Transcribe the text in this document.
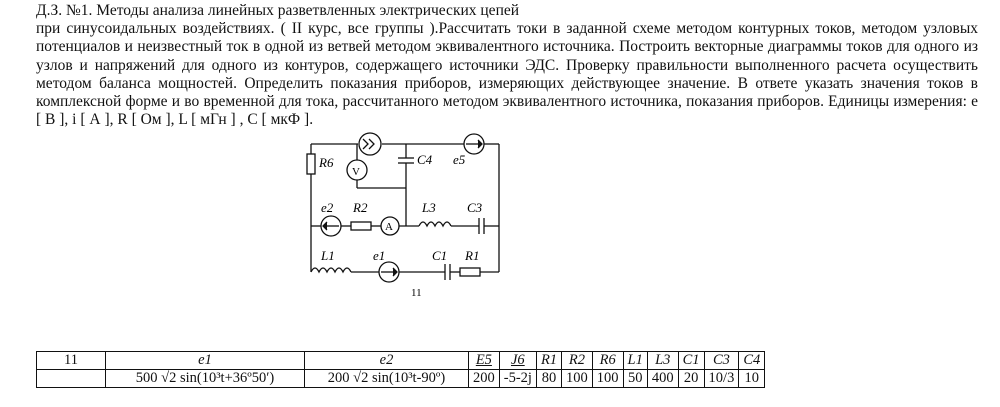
Д.З. №1. Методы анализа линейных разветвленных электрических цепей

при синусоидальных воздействиях. ( II курс, все группы ).Рассчитать токи в заданной схеме методом контурных токов, методом узловых потенциалов и неизвестный ток в одной из ветвей методом эквивалентного источника. Построить векторные диаграммы токов для одного из узлов и напряжений для одного из контуров, содержащего источники ЭДС. Проверку правильности выполненного расчета осуществить методом баланса мощностей. Определить показания приборов, измеряющих действующее значение. В ответе указать значения токов в комплексной форме и во временной для тока, рассчитанного методом эквивалентного источника, показания приборов. Единицы измерения: e [ В ], i [ А ], R [ Ом ], L [ мГн ] , C [ мкФ ].

R6	C4 e5
e2 R2	L3 C3
L1	e1	C1 R1
11
V
A
11	e1	e2	E5	J6	R1	R2	R6	L1	L3	C1	C3	C4
	500 √2 sin(10³t+36º50′)	200 √2 sin(10³t-90º)	200	-5-2j	80	100	100	50	400	20	10/3	10
